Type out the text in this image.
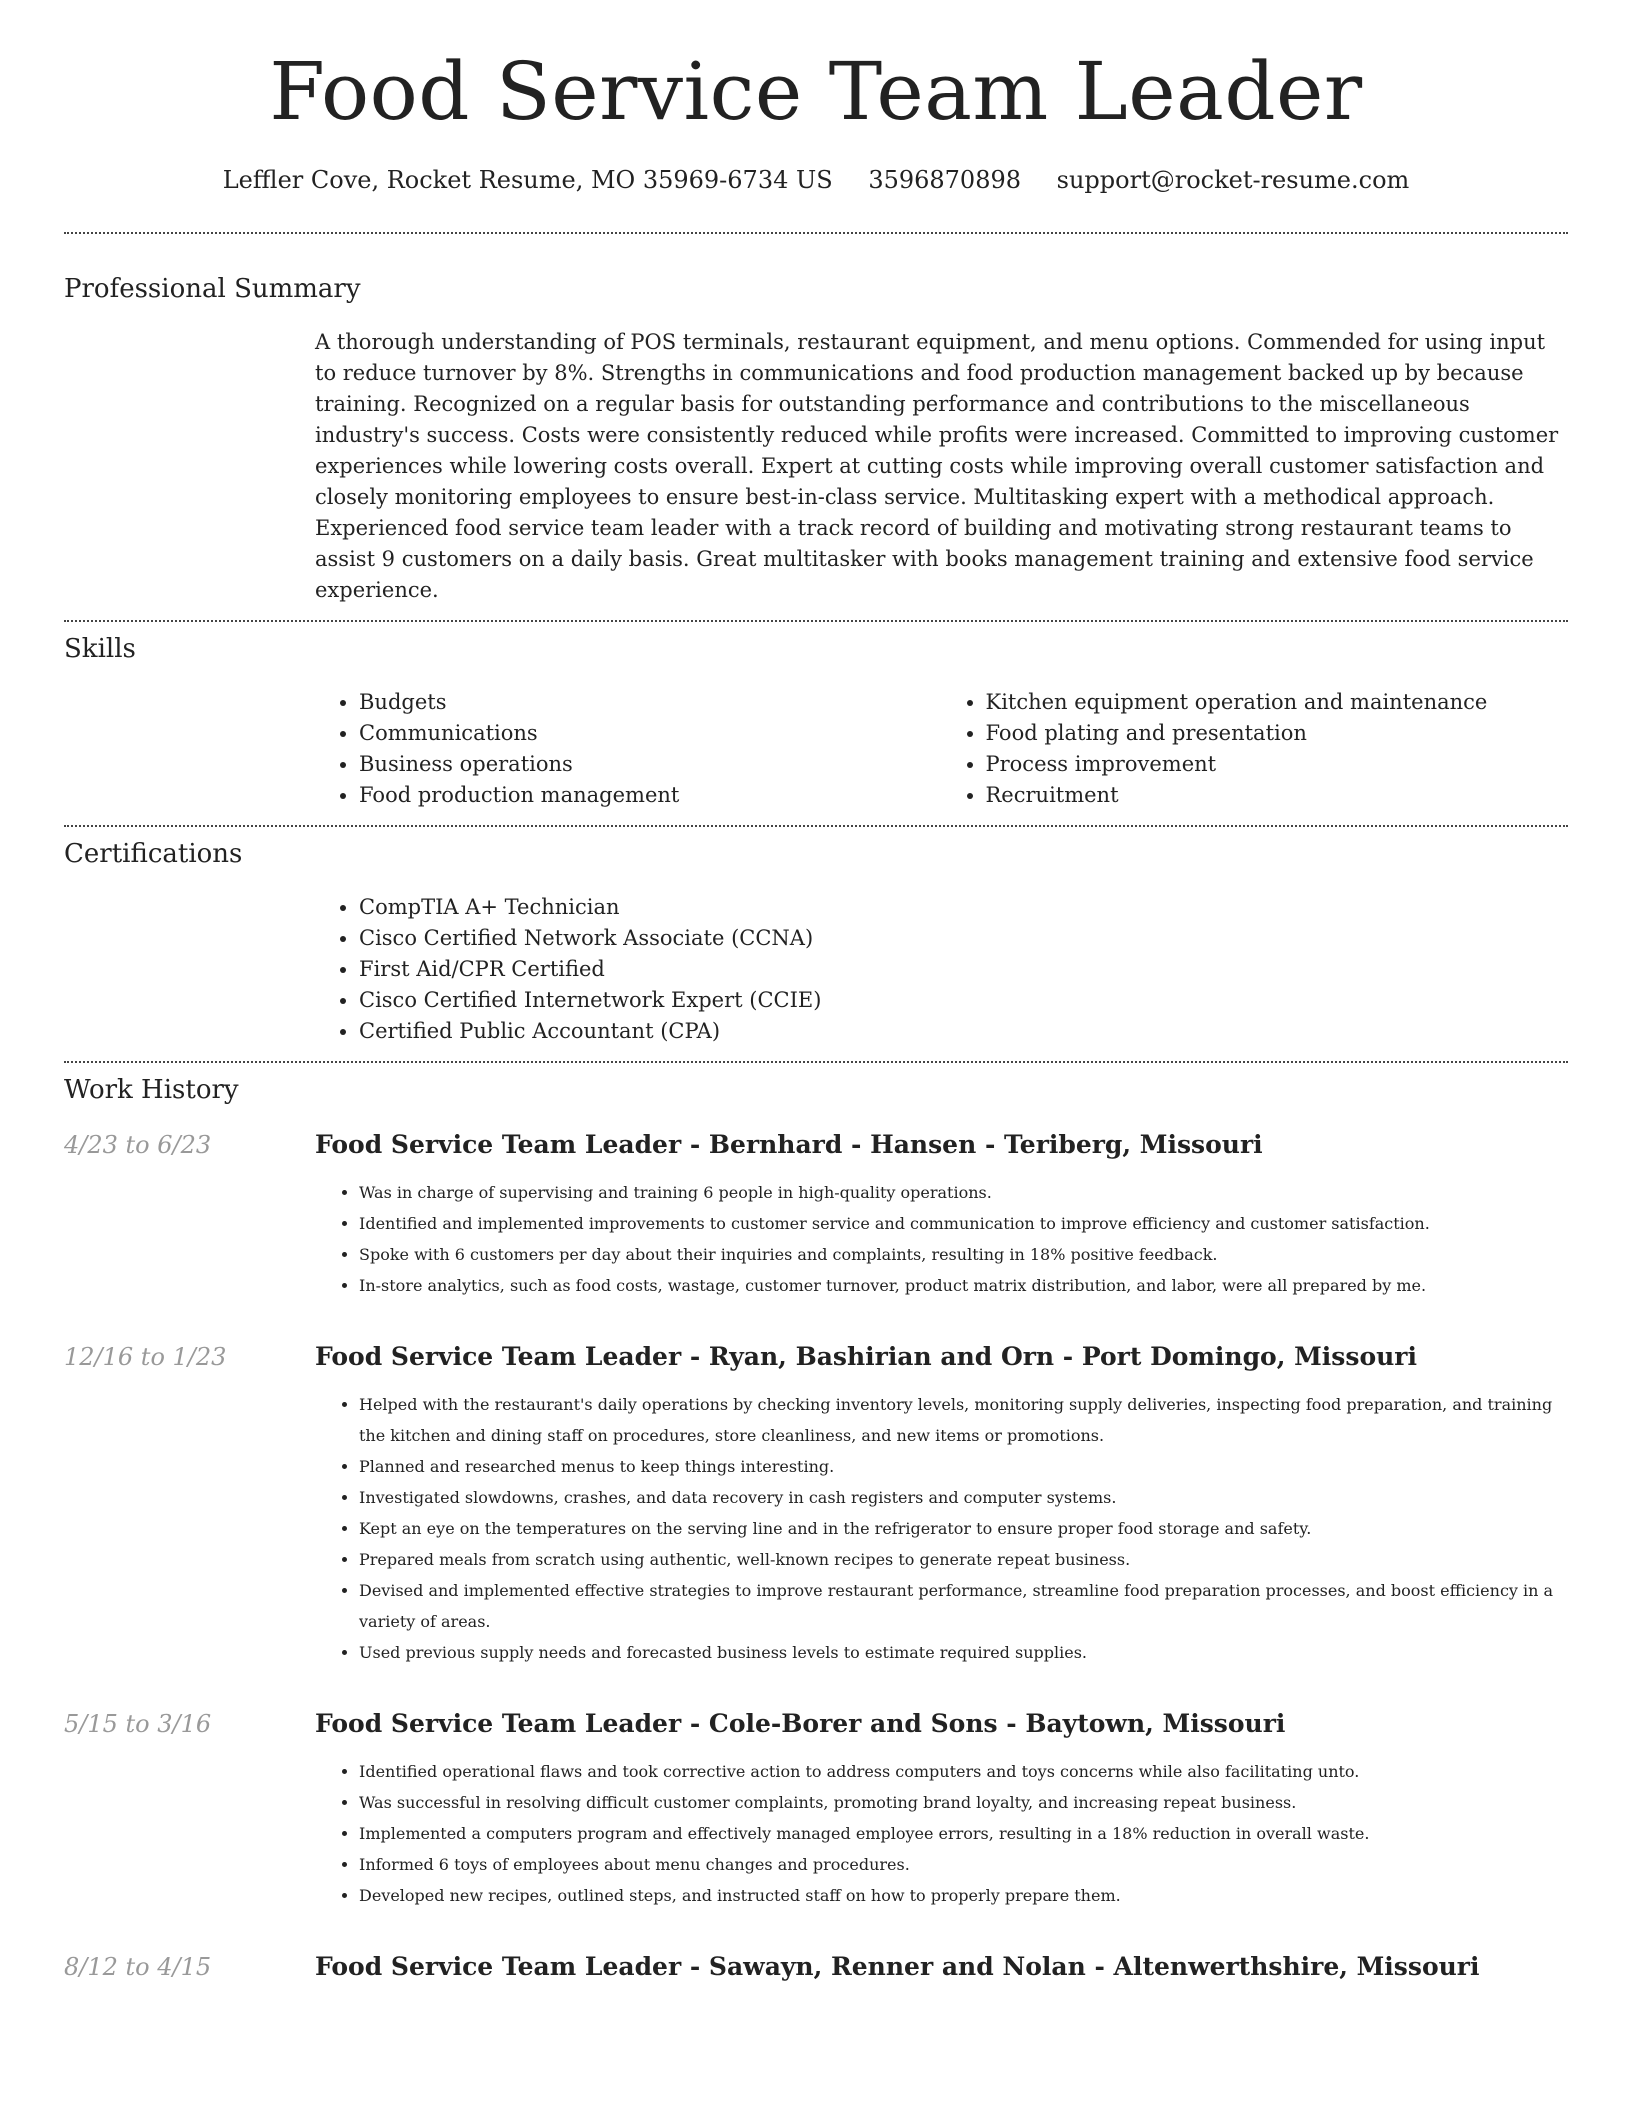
Food Service Team Leader
Leffler Cove, Rocket Resume, MO 35969-6734 US 3596870898 support@rocket-resume.com
Professional Summary

A thorough understanding of POS terminals, restaurant equipment, and menu options. Commended for using input to reduce turnover by 8%. Strengths in communications and food production management backed up by because training. Recognized on a regular basis for outstanding performance and contributions to the miscellaneous industry's success. Costs were consistently reduced while profits were increased. Committed to improving customer experiences while lowering costs overall. Expert at cutting costs while improving overall customer satisfaction and closely monitoring employees to ensure best-in-class service. Multitasking expert with a methodical approach. Experienced food service team leader with a track record of building and motivating strong restaurant teams to assist 9 customers on a daily basis. Great multitasker with books management training and extensive food service experience.

Skills
• Budgets
• Communications
• Business operations
• Food production management
• Kitchen equipment operation and maintenance
• Food plating and presentation
• Process improvement
• Recruitment
Certifications
• CompTIA A+ Technician
• Cisco Certified Network Associate (CCNA)
• First Aid/CPR Certified
• Cisco Certified Internetwork Expert (CCIE)
• Certified Public Accountant (CPA)
Work History
4/23 to 6/23	Food Service Team Leader - Bernhard - Hansen - Teriberg, Missouri
• Was in charge of supervising and training 6 people in high-quality operations.
• Identified and implemented improvements to customer service and communication to improve efficiency and customer satisfaction.
• Spoke with 6 customers per day about their inquiries and complaints, resulting in 18% positive feedback.
• In-store analytics, such as food costs, wastage, customer turnover, product matrix distribution, and labor, were all prepared by me.
12/16 to 1/23	Food Service Team Leader - Ryan, Bashirian and Orn - Port Domingo, Missouri
• Helped with the restaurant's daily operations by checking inventory levels, monitoring supply deliveries, inspecting food preparation, and training the kitchen and dining staff on procedures, store cleanliness, and new items or promotions.
• Planned and researched menus to keep things interesting.
• Investigated slowdowns, crashes, and data recovery in cash registers and computer systems.
• Kept an eye on the temperatures on the serving line and in the refrigerator to ensure proper food storage and safety.
• Prepared meals from scratch using authentic, well-known recipes to generate repeat business.
• Devised and implemented effective strategies to improve restaurant performance, streamline food preparation processes, and boost efficiency in a variety of areas.
• Used previous supply needs and forecasted business levels to estimate required supplies.
5/15 to 3/16	Food Service Team Leader - Cole-Borer and Sons - Baytown, Missouri
• Identified operational flaws and took corrective action to address computers and toys concerns while also facilitating unto.
• Was successful in resolving difficult customer complaints, promoting brand loyalty, and increasing repeat business.
• Implemented a computers program and effectively managed employee errors, resulting in a 18% reduction in overall waste.
• Informed 6 toys of employees about menu changes and procedures.
• Developed new recipes, outlined steps, and instructed staff on how to properly prepare them.
8/12 to 4/15	Food Service Team Leader - Sawayn, Renner and Nolan - Altenwerthshire, Missouri
